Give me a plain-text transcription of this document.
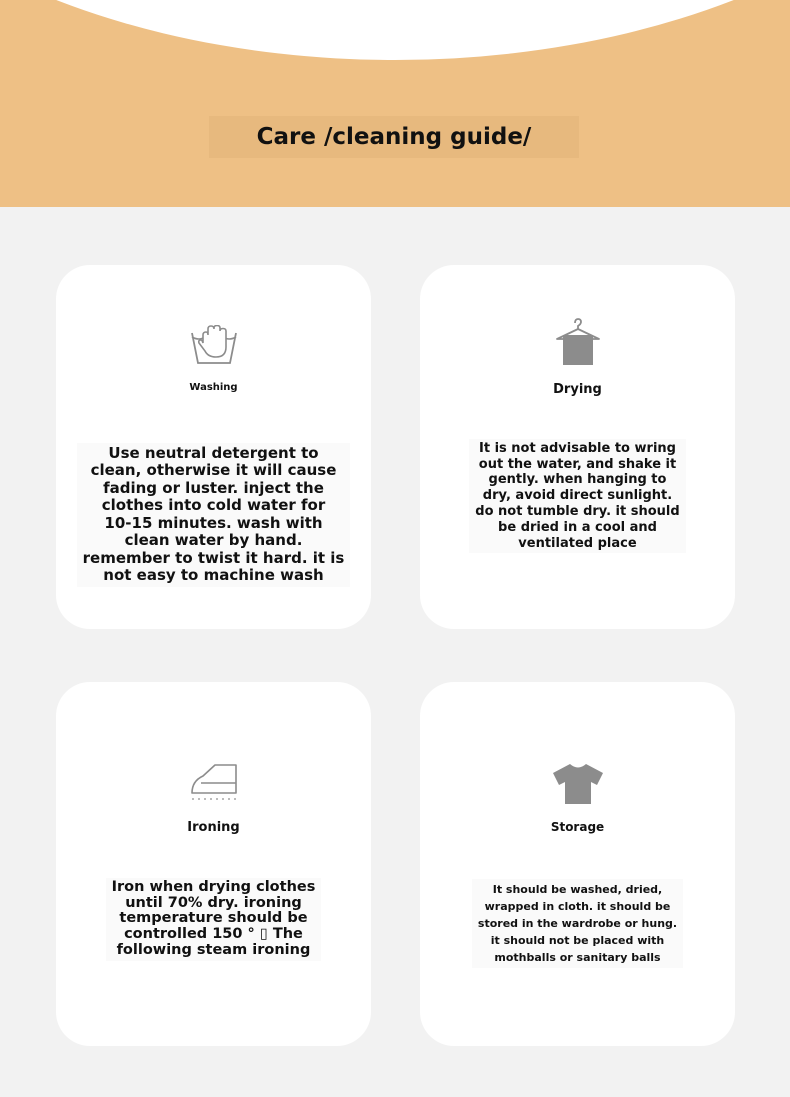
Care /cleaning guide/
Washing

Use neutral detergent to
clean, otherwise it will cause
fading or luster. inject the
clothes into cold water for
10-15 minutes. wash with
clean water by hand.
remember to twist it hard. it is
not easy to machine wash

Drying

It is not advisable to wring
out the water, and shake it
gently. when hanging to
dry, avoid direct sunlight.
do not tumble dry. it should
be dried in a cool and
ventilated place

Ironing

Iron when drying clothes
until 70% dry. ironing
temperature should be
controlled 150 ° ▯ The
following steam ironing

Storage

It should be washed, dried,
wrapped in cloth. it should be
stored in the wardrobe or hung.
it should not be placed with
mothballs or sanitary balls
